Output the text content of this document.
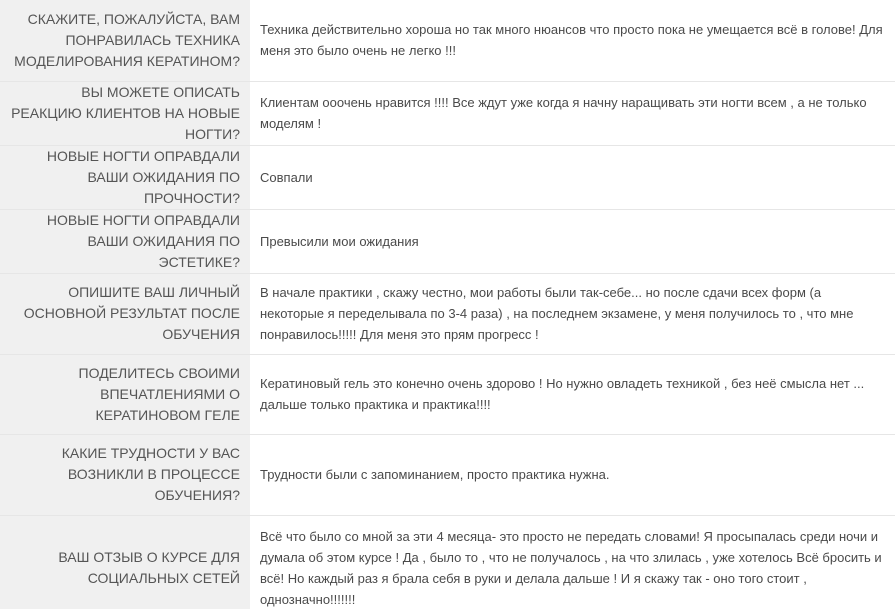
СКАЖИТЕ, ПОЖАЛУЙСТА, ВАМ ПОНРАВИЛАСЬ ТЕХНИКА МОДЕЛИРОВАНИЯ КЕРАТИНОМ?	Техника действительно хороша но так много нюансов что просто пока не умещается всё в голове! Для меня это было очень не легко !!!
ВЫ МОЖЕТЕ ОПИСАТЬ РЕАКЦИЮ КЛИЕНТОВ НА НОВЫЕ НОГТИ?	Клиентам ооочень нравится !!!! Все ждут уже когда я начну наращивать эти ногти всем , а не только моделям !
НОВЫЕ НОГТИ ОПРАВДАЛИ ВАШИ ОЖИДАНИЯ ПО ПРОЧНОСТИ?	Совпали
НОВЫЕ НОГТИ ОПРАВДАЛИ ВАШИ ОЖИДАНИЯ ПО ЭСТЕТИКЕ?	Превысили мои ожидания
ОПИШИТЕ ВАШ ЛИЧНЫЙ ОСНОВНОЙ РЕЗУЛЬТАТ ПОСЛЕ ОБУЧЕНИЯ	В начале практики , скажу честно, мои работы были так-себе... но после сдачи всех форм (а некоторые я переделывала по 3-4 раза) , на последнем экзамене, у меня получилось то , что мне понравилось!!!!! Для меня это прям прогресс !
ПОДЕЛИТЕСЬ СВОИМИ ВПЕЧАТЛЕНИЯМИ О КЕРАТИНОВОМ ГЕЛЕ	Кератиновый гель это конечно очень здорово ! Но нужно овладеть техникой , без неё смысла нет ... дальше только практика и практика!!!!
КАКИЕ ТРУДНОСТИ У ВАС ВОЗНИКЛИ В ПРОЦЕССЕ ОБУЧЕНИЯ?	Трудности были с запоминанием, просто практика нужна.
ВАШ ОТЗЫВ О КУРСЕ ДЛЯ СОЦИАЛЬНЫХ СЕТЕЙ	Всё что было со мной за эти 4 месяца- это просто не передать словами! Я просыпалась среди ночи и думала об этом курсе ! Да , было то , что не получалось , на что злилась , уже хотелось Всё бросить и всё! Но каждый раз я брала себя в руки и делала дальше ! И я скажу так - оно того стоит , однозначно!!!!!!!
